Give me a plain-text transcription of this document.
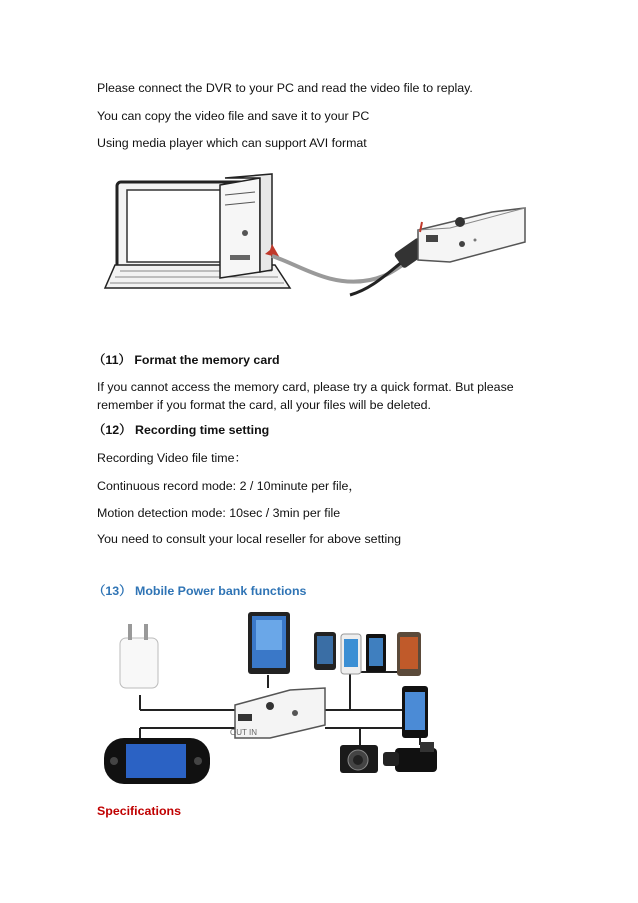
Please connect the DVR to your PC and read the video file to replay.
You can copy the video file and save it to your PC
Using media player which can support AVI format
（11） Format the memory card
If you cannot access the memory card, please try a quick format. But please remember if you format the card, all your files will be deleted.
（12） Recording time setting
Recording Video file time：
Continuous record mode: 2 / 10minute per file，
Motion detection mode: 10sec / 3min per file
You need to consult your local reseller for above setting
（13） Mobile Power bank functions
OUT IN
Specifications
